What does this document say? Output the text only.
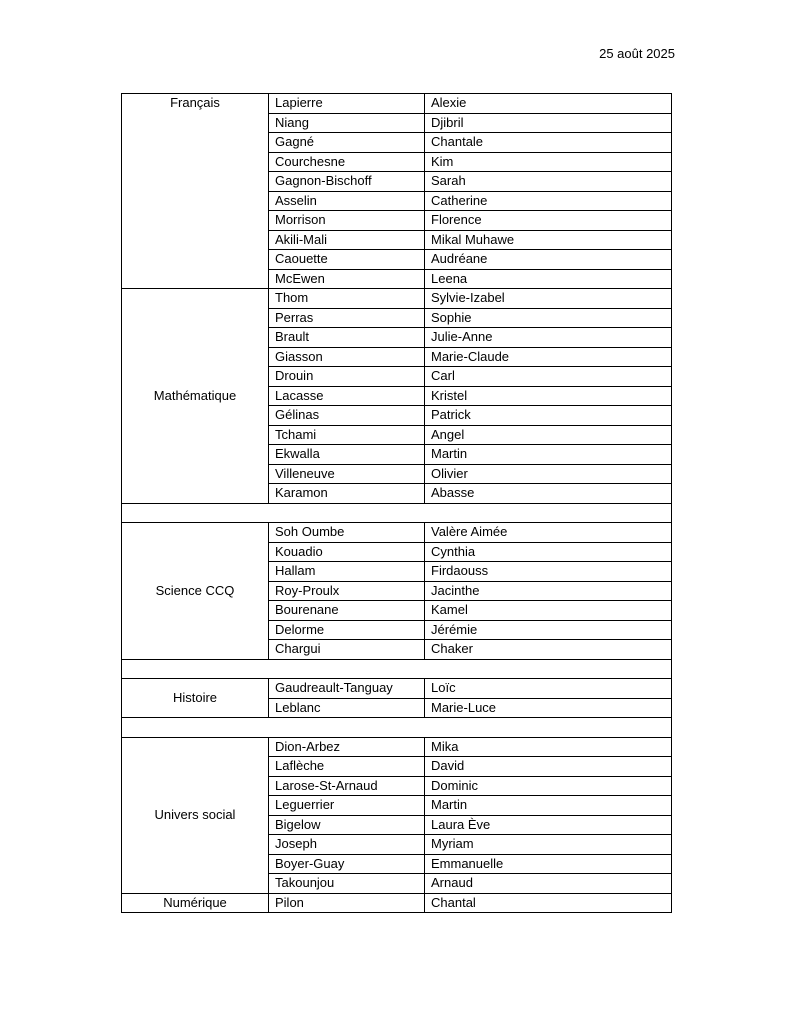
25 août 2025
Français	Lapierre	Alexie
	Niang	Djibril
	Gagné	Chantale
	Courchesne	Kim
	Gagnon-Bischoff	Sarah
	Asselin	Catherine
	Morrison	Florence
	Akili-Mali	Mikal Muhawe
	Caouette	Audréane
	McEwen	Leena
Mathématique	Thom	Sylvie-Izabel
	Perras	Sophie
	Brault	Julie-Anne
	Giasson	Marie-Claude
	Drouin	Carl
	Lacasse	Kristel
	Gélinas	Patrick
	Tchami	Angel
	Ekwalla	Martin
	Villeneuve	Olivier
	Karamon	Abasse

Science CCQ	Soh Oumbe	Valère Aimée
	Kouadio	Cynthia
	Hallam	Firdaouss
	Roy-Proulx	Jacinthe
	Bourenane	Kamel
	Delorme	Jérémie
	Chargui	Chaker

Histoire	Gaudreault-Tanguay	Loïc
	Leblanc	Marie-Luce

Univers social	Dion-Arbez	Mika
	Laflèche	David
	Larose-St-Arnaud	Dominic
	Leguerrier	Martin
	Bigelow	Laura Ève
	Joseph	Myriam
	Boyer-Guay	Emmanuelle
	Takounjou	Arnaud
Numérique	Pilon	Chantal
